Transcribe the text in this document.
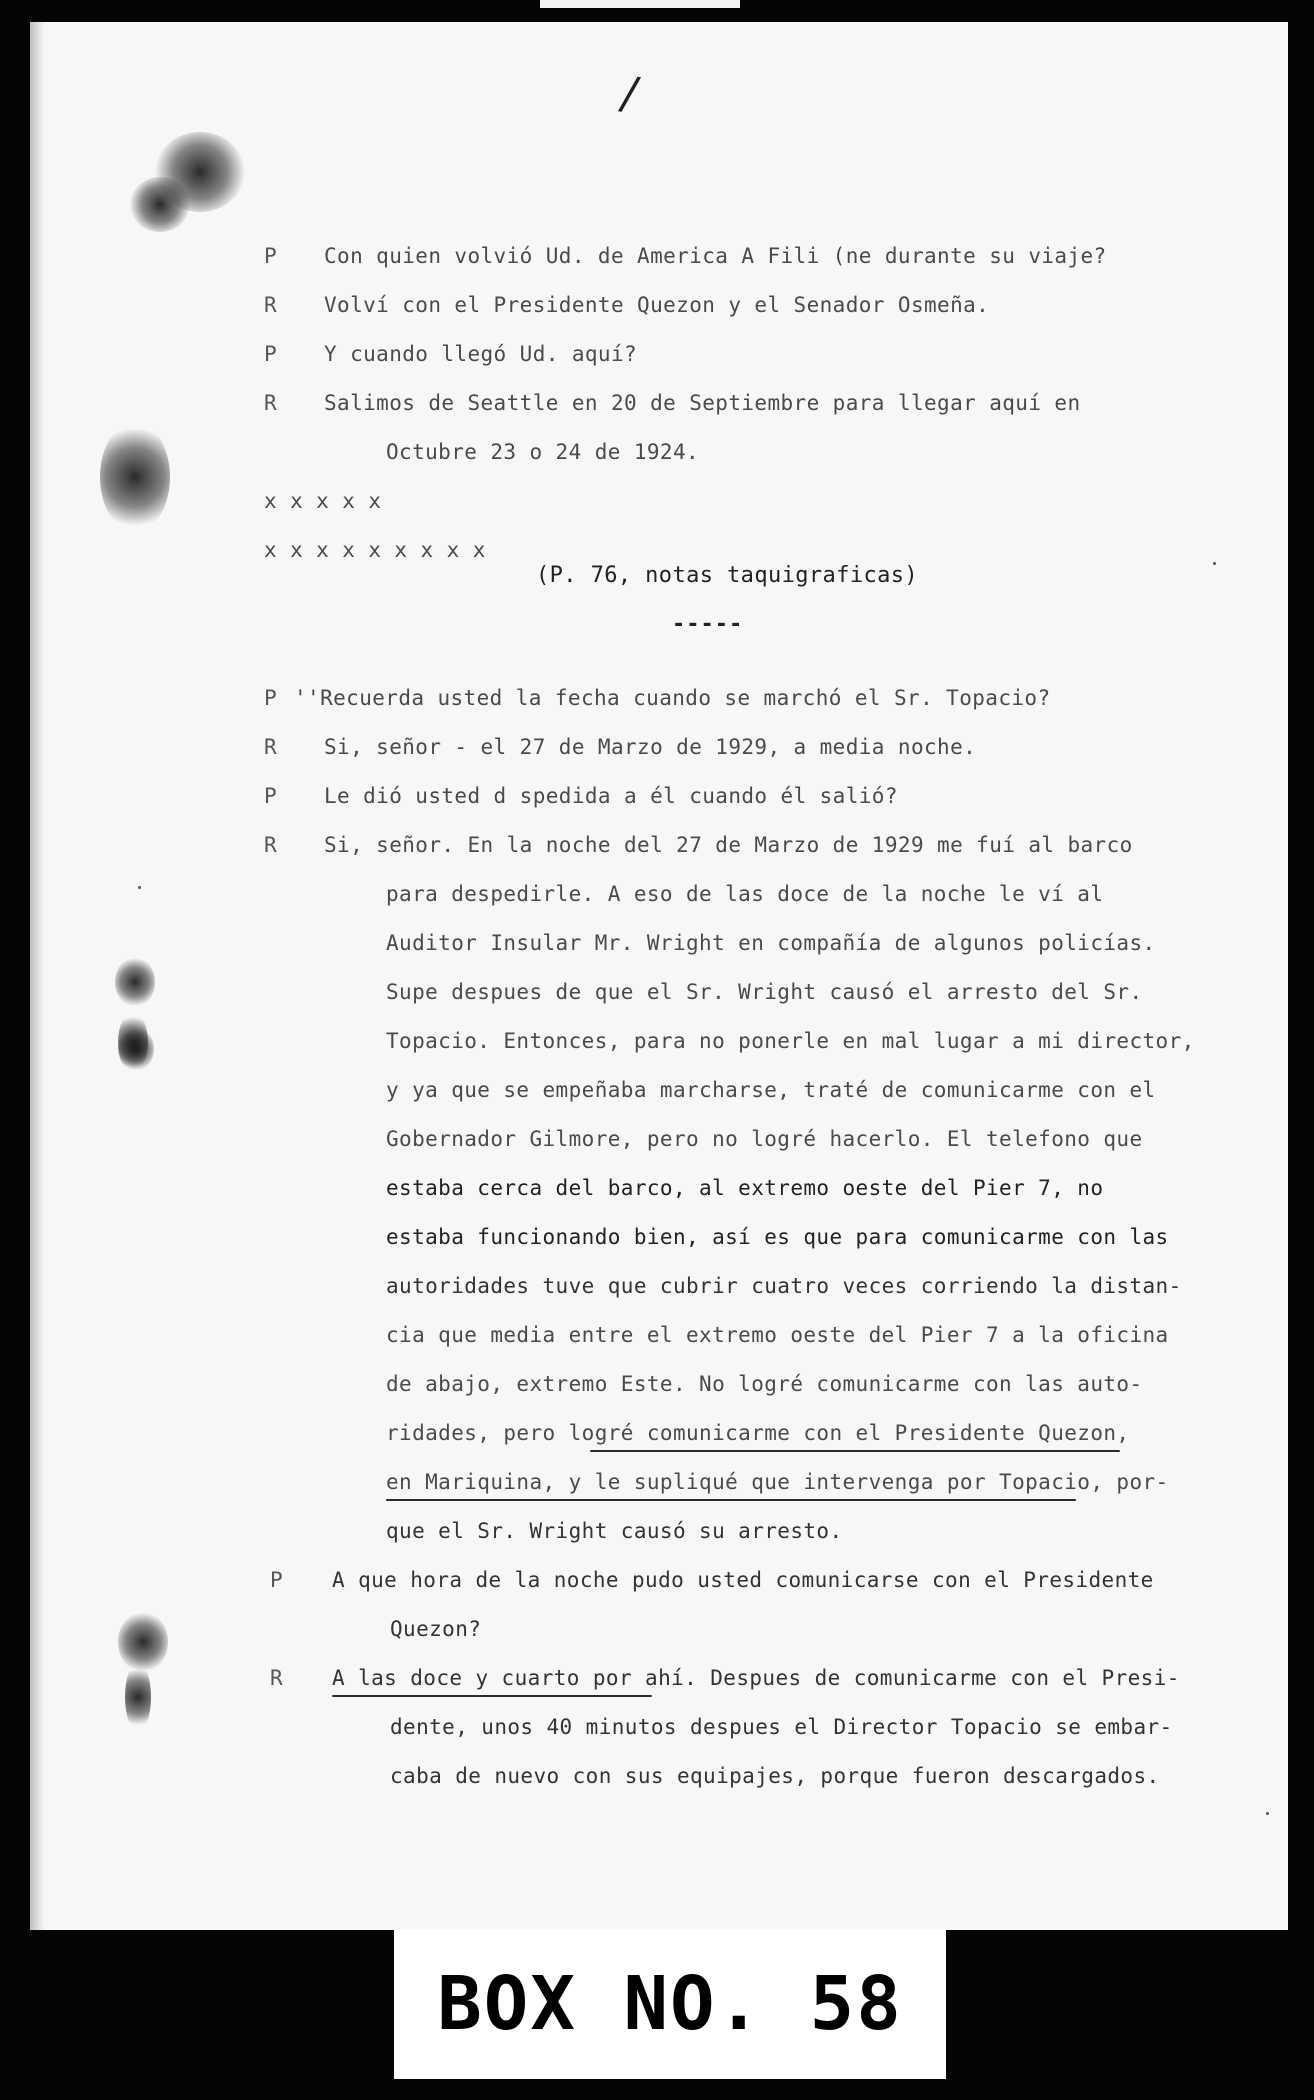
/
P Con quien volvió Ud. de America A Fili (ne durante su viaje?
R Volví con el Presidente Quezon y el Senador Osmeña.
P Y cuando llegó Ud. aquí?
R Salimos de Seattle en 20 de Septiembre para llegar aquí en
Octubre 23 o 24 de 1924.
x x x x x
x x x x x x x x x
(P. 76, notas taquigraficas)
-----
P ''Recuerda usted la fecha cuando se marchó el Sr. Topacio?
R Si, señor - el 27 de Marzo de 1929, a media noche.
P Le dió usted d spedida a él cuando él salió?
R Si, señor. En la noche del 27 de Marzo de 1929 me fuí al barco
para despedirle. A eso de las doce de la noche le ví al
Auditor Insular Mr. Wright en compañía de algunos policías.
Supe despues de que el Sr. Wright causó el arresto del Sr.
Topacio. Entonces, para no ponerle en mal lugar a mi director,
y ya que se empeñaba marcharse, traté de comunicarme con el
Gobernador Gilmore, pero no logré hacerlo. El telefono que
estaba cerca del barco, al extremo oeste del Pier 7, no
estaba funcionando bien, así es que para comunicarme con las
autoridades tuve que cubrir cuatro veces corriendo la distan-
cia que media entre el extremo oeste del Pier 7 a la oficina
de abajo, extremo Este. No logré comunicarme con las auto-
ridades, pero logré comunicarme con el Presidente Quezon,
en Mariquina, y le supliqué que intervenga por Topacio, por-
que el Sr. Wright causó su arresto.
P A que hora de la noche pudo usted comunicarse con el Presidente
Quezon?
R A las doce y cuarto por ahí. Despues de comunicarme con el Presi-
dente, unos 40 minutos despues el Director Topacio se embar-
caba de nuevo con sus equipajes, porque fueron descargados.
BOX NO. 58
